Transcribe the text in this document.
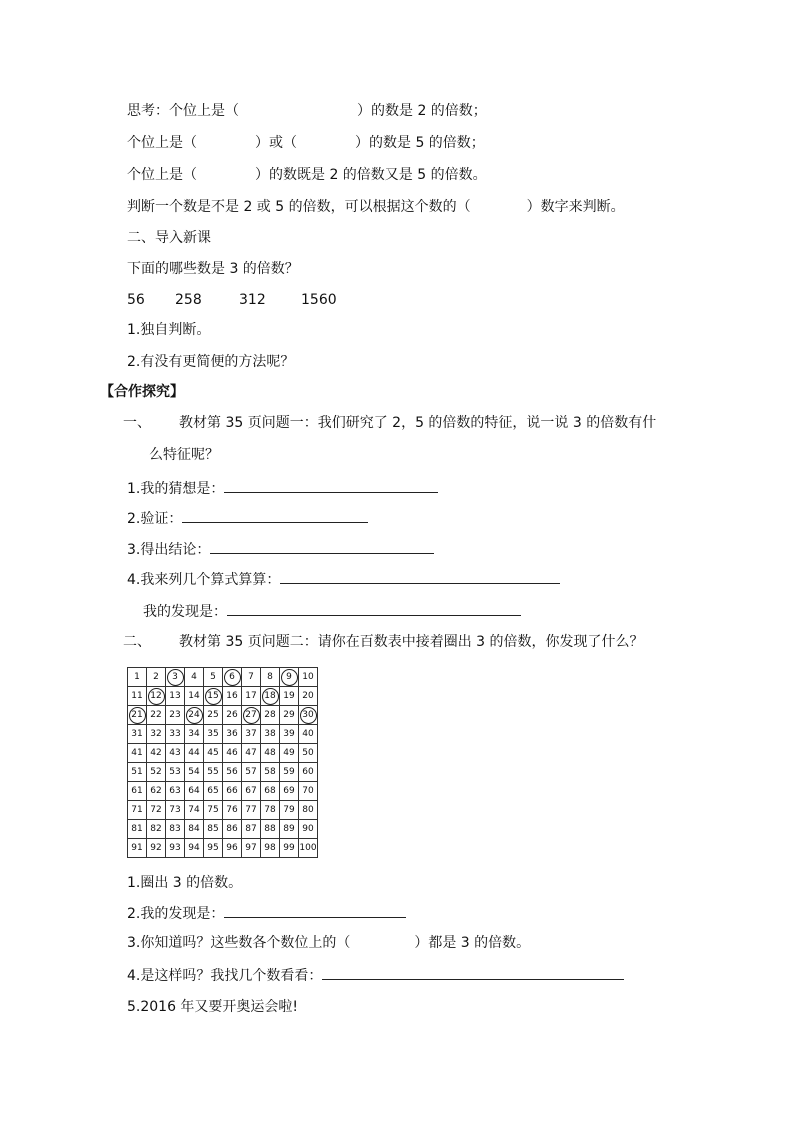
思考：个位上是（	）的数是 2 的倍数；
个位上是（	）或（	）的数是 5 的倍数；
个位上是（	）的数既是 2 的倍数又是 5 的倍数。
判断一个数是不是 2 或 5 的倍数，可以根据这个数的（	）数字来判断。
二、导入新课
下面的哪些数是 3 的倍数？
56 258	312	1560
1.独自判断。
2.有没有更简便的方法呢？
【合作探究】
一、 教材第 35 页问题一：我们研究了 2，5 的倍数的特征，说一说 3 的倍数有什
么特征呢？
1.我的猜想是：
2.验证：
3.得出结论：
4.我来列几个算式算算：
我的发现是：
二、 教材第 35 页问题二：请你在百数表中接着圈出 3 的倍数，你发现了什么？
1	2	3	4	5	6	7	8	9	10
11	12	13	14	15	16	17	18	19	20
21	22	23	24	25	26	27	28	29	30
31	32	33	34	35	36	37	38	39	40
41	42	43	44	45	46	47	48	49	50
51	52	53	54	55	56	57	58	59	60
61	62	63	64	65	66	67	68	69	70
71	72	73	74	75	76	77	78	79	80
81	82	83	84	85	86	87	88	89	90
91	92	93	94	95	96	97	98	99	100
1.圈出 3 的倍数。
2.我的发现是：
3.你知道吗？这些数各个数位上的（	）都是 3 的倍数。
4.是这样吗？我找几个数看看：
5.2016 年又要开奥运会啦!
